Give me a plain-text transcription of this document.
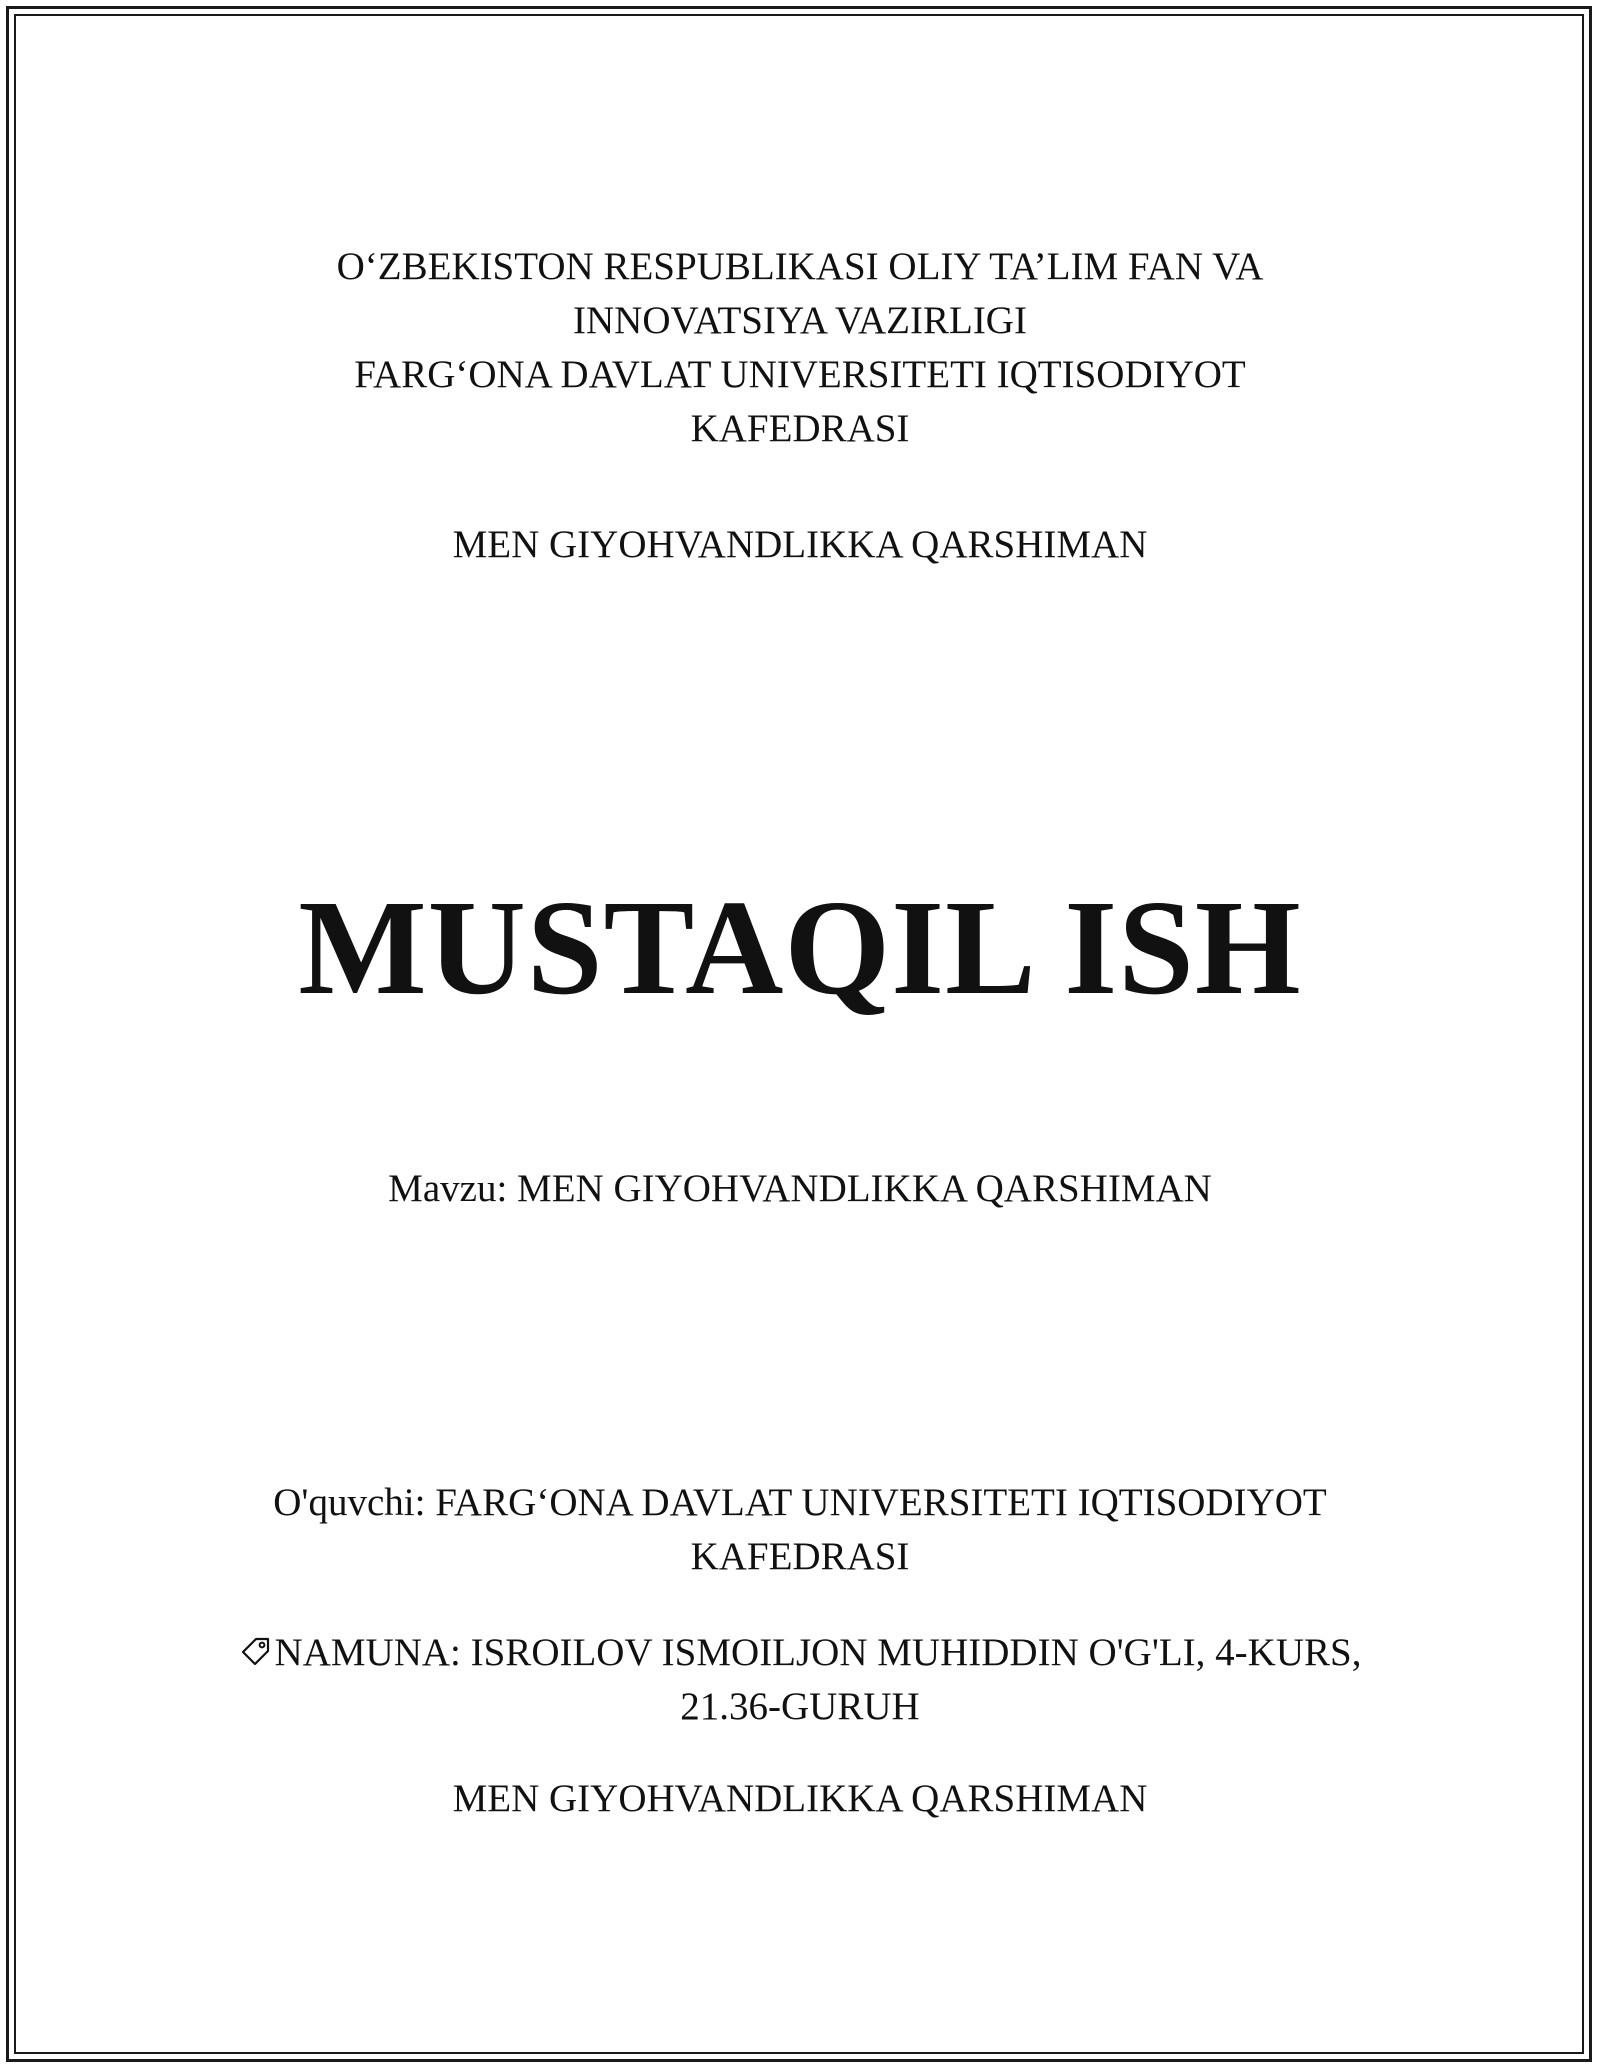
O‘ZBEKISTON RESPUBLIKASI OLIY TA’LIM FAN VA
INNOVATSIYA VAZIRLIGI
FARG‘ONA DAVLAT UNIVERSITETI IQTISODIYOT
KAFEDRASI
MEN GIYOHVANDLIKKA QARSHIMAN
MUSTAQIL ISH
Mavzu: MEN GIYOHVANDLIKKA QARSHIMAN
O'quvchi: FARG‘ONA DAVLAT UNIVERSITETI IQTISODIYOT
KAFEDRASI
NAMUNA: ISROILOV ISMOILJON MUHIDDIN O'G'LI, 4-KURS,
21.36-GURUH
MEN GIYOHVANDLIKKA QARSHIMAN
